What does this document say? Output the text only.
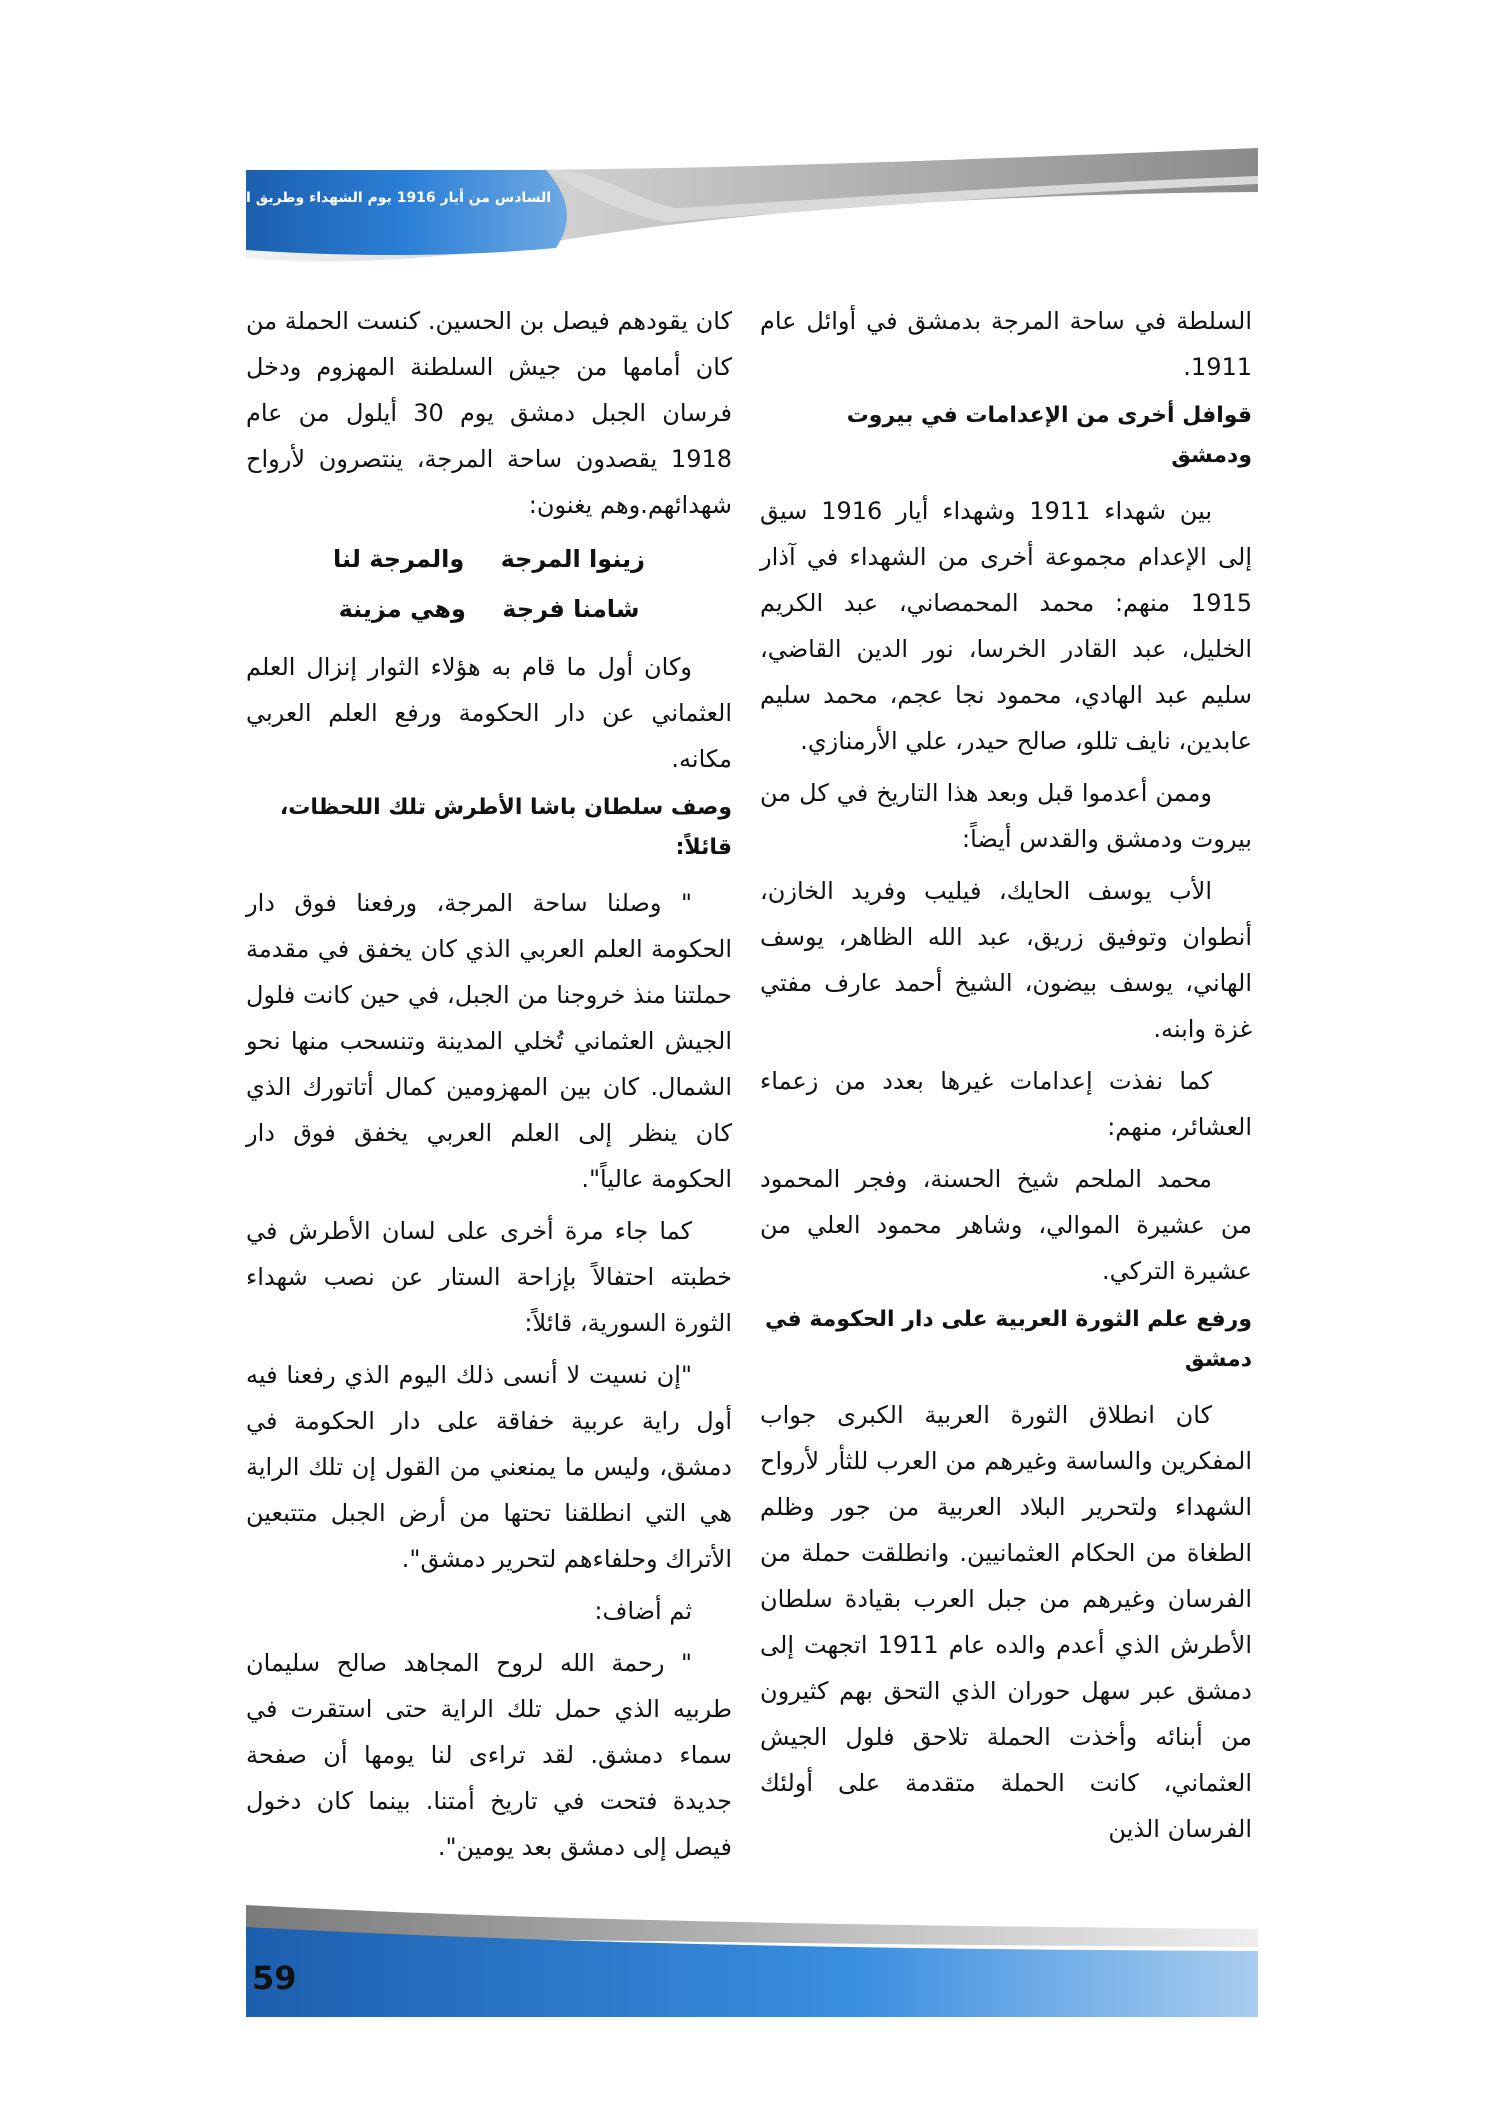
السادس من أيار 1916 يوم الشهداء وطريق التحرير

السلطة في ساحة المرجة بدمشق في أوائل عام 1911.

قوافل أخرى من الإعدامات في بيروت ودمشق

بين شهداء 1911 وشهداء أيار 1916 سيق إلى الإعدام مجموعة أخرى من الشهداء في آذار 1915 منهم: محمد المحمصاني، عبد الكريم الخليل، عبد القادر الخرسا، نور الدين القاضي، سليم عبد الهادي، محمود نجا عجم، محمد سليم عابدين، نايف تللو، صالح حيدر، علي الأرمنازي.

وممن أعدموا قبل وبعد هذا التاريخ في كل من بيروت ودمشق والقدس أيضاً:

الأب يوسف الحايك، فيليب وفريد الخازن، أنطوان وتوفيق زريق، عبد الله الظاهر، يوسف الهاني، يوسف بيضون، الشيخ أحمد عارف مفتي غزة وابنه.

كما نفذت إعدامات غيرها بعدد من زعماء العشائر، منهم:

محمد الملحم شيخ الحسنة، وفجر المحمود من عشيرة الموالي، وشاهر محمود العلي من عشيرة التركي.

ورفع علم الثورة العربية على دار الحكومة في دمشق

كان انطلاق الثورة العربية الكبرى جواب المفكرين والساسة وغيرهم من العرب للثأر لأرواح الشهداء ولتحرير البلاد العربية من جور وظلم الطغاة من الحكام العثمانيين. وانطلقت حملة من الفرسان وغيرهم من جبل العرب بقيادة سلطان الأطرش الذي أعدم والده عام 1911 اتجهت إلى دمشق عبر سهل حوران الذي التحق بهم كثيرون من أبنائه وأخذت الحملة تلاحق فلول الجيش العثماني، كانت الحملة متقدمة على أولئك الفرسان الذين

كان يقودهم فيصل بن الحسين. كنست الحملة من كان أمامها من جيش السلطنة المهزوم ودخل فرسان الجبل دمشق يوم 30 أيلول من عام 1918 يقصدون ساحة المرجة، ينتصرون لأرواح شهدائهم.وهم يغنون:

زينوا المرجة والمرجة لنا
شامنا فرجة وهي مزينة

وكان أول ما قام به هؤلاء الثوار إنزال العلم العثماني عن دار الحكومة ورفع العلم العربي مكانه.

وصف سلطان باشا الأطرش تلك اللحظات، قائلاً:

" وصلنا ساحة المرجة، ورفعنا فوق دار الحكومة العلم العربي الذي كان يخفق في مقدمة حملتنا منذ خروجنا من الجبل، في حين كانت فلول الجيش العثماني تُخلي المدينة وتنسحب منها نحو الشمال. كان بين المهزومين كمال أتاتورك الذي كان ينظر إلى العلم العربي يخفق فوق دار الحكومة عالياً".

كما جاء مرة أخرى على لسان الأطرش في خطبته احتفالاً بإزاحة الستار عن نصب شهداء الثورة السورية، قائلاً:

"إن نسيت لا أنسى ذلك اليوم الذي رفعنا فيه أول راية عربية خفاقة على دار الحكومة في دمشق، وليس ما يمنعني من القول إن تلك الراية هي التي انطلقنا تحتها من أرض الجبل متتبعين الأتراك وحلفاءهم لتحرير دمشق".

ثم أضاف:

" رحمة الله لروح المجاهد صالح سليمان طربيه الذي حمل تلك الراية حتى استقرت في سماء دمشق. لقد تراءى لنا يومها أن صفحة جديدة فتحت في تاريخ أمتنا. بينما كان دخول فيصل إلى دمشق بعد يومين".

59
